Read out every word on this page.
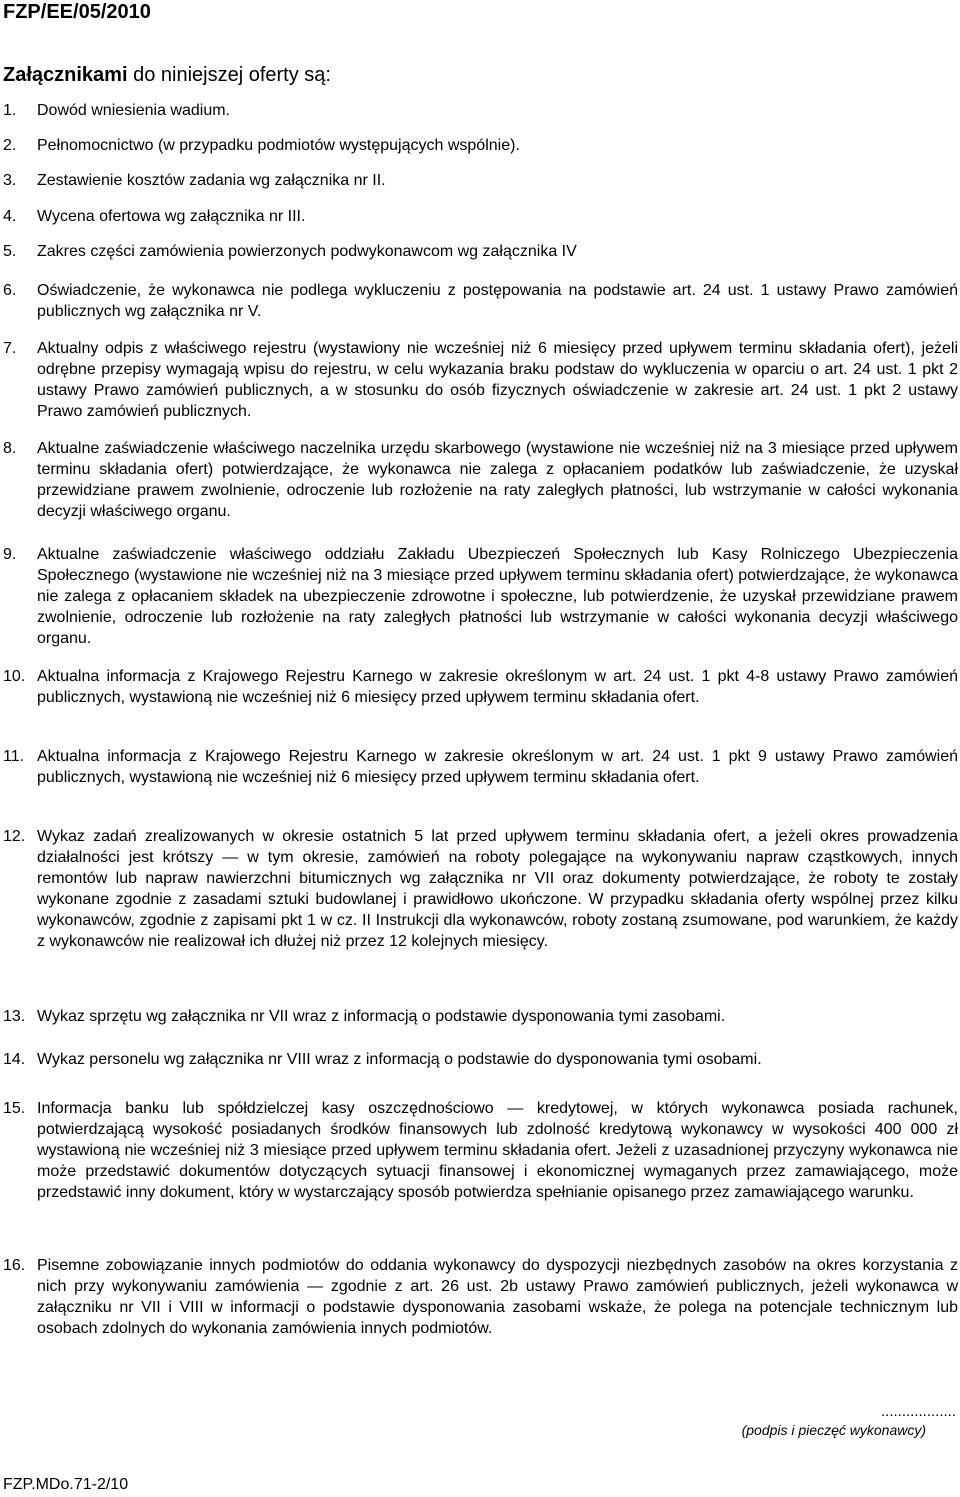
FZP/EE/05/2010
Załącznikami do niniejszej oferty są:
1. Dowód wniesienia wadium.
2. Pełnomocnictwo (w przypadku podmiotów występujących wspólnie).
3. Zestawienie kosztów zadania wg załącznika nr II.
4. Wycena ofertowa wg załącznika nr III.
5. Zakres części zamówienia powierzonych podwykonawcom wg załącznika IV
6. Oświadczenie, że wykonawca nie podlega wykluczeniu z postępowania na podstawie art. 24 ust. 1 ustawy Prawo zamówień publicznych wg załącznika nr V.
7. Aktualny odpis z właściwego rejestru (wystawiony nie wcześniej niż 6 miesięcy przed upływem terminu składania ofert), jeżeli odrębne przepisy wymagają wpisu do rejestru, w celu wykazania braku podstaw do wykluczenia w oparciu o art. 24 ust. 1 pkt 2 ustawy Prawo zamówień publicznych, a w stosunku do osób fizycznych oświadczenie w zakresie art. 24 ust. 1 pkt 2 ustawy Prawo zamówień publicznych.
8. Aktualne zaświadczenie właściwego naczelnika urzędu skarbowego (wystawione nie wcześniej niż na 3 miesiące przed upływem terminu składania ofert) potwierdzające, że wykonawca nie zalega z opłacaniem podatków lub zaświadczenie, że uzyskał przewidziane prawem zwolnienie, odroczenie lub rozłożenie na raty zaległych płatności, lub wstrzymanie w całości wykonania decyzji właściwego organu.
9. Aktualne zaświadczenie właściwego oddziału Zakładu Ubezpieczeń Społecznych lub Kasy Rolniczego Ubezpieczenia Społecznego (wystawione nie wcześniej niż na 3 miesiące przed upływem terminu składania ofert) potwierdzające, że wykonawca nie zalega z opłacaniem składek na ubezpieczenie zdrowotne i społeczne, lub potwierdzenie, że uzyskał przewidziane prawem zwolnienie, odroczenie lub rozłożenie na raty zaległych płatności lub wstrzymanie w całości wykonania decyzji właściwego organu.
10. Aktualna informacja z Krajowego Rejestru Karnego w zakresie określonym w art. 24 ust. 1 pkt 4-8 ustawy Prawo zamówień publicznych, wystawioną nie wcześniej niż 6 miesięcy przed upływem terminu składania ofert.
11. Aktualna informacja z Krajowego Rejestru Karnego w zakresie określonym w art. 24 ust. 1 pkt 9 ustawy Prawo zamówień publicznych, wystawioną nie wcześniej niż 6 miesięcy przed upływem terminu składania ofert.
12. Wykaz zadań zrealizowanych w okresie ostatnich 5 lat przed upływem terminu składania ofert, a jeżeli okres prowadzenia działalności jest krótszy — w tym okresie, zamówień na roboty polegające na wykonywaniu napraw cząstkowych, innych remontów lub napraw nawierzchni bitumicznych wg załącznika nr VII oraz dokumenty potwierdzające, że roboty te zostały wykonane zgodnie z zasadami sztuki budowlanej i prawidłowo ukończone. W przypadku składania oferty wspólnej przez kilku wykonawców, zgodnie z zapisami pkt 1 w cz. II Instrukcji dla wykonawców, roboty zostaną zsumowane, pod warunkiem, że każdy z wykonawców nie realizował ich dłużej niż przez 12 kolejnych miesięcy.
13. Wykaz sprzętu wg załącznika nr VII wraz z informacją o podstawie dysponowania tymi zasobami.
14. Wykaz personelu wg załącznika nr VIII wraz z informacją o podstawie do dysponowania tymi osobami.
15. Informacja banku lub spółdzielczej kasy oszczędnościowo — kredytowej, w których wykonawca posiada rachunek, potwierdzającą wysokość posiadanych środków finansowych lub zdolność kredytową wykonawcy w wysokości 400 000 zł wystawioną nie wcześniej niż 3 miesiące przed upływem terminu składania ofert. Jeżeli z uzasadnionej przyczyny wykonawca nie może przedstawić dokumentów dotyczących sytuacji finansowej i ekonomicznej wymaganych przez zamawiającego, może przedstawić inny dokument, który w wystarczający sposób potwierdza spełnianie opisanego przez zamawiającego warunku.
16. Pisemne zobowiązanie innych podmiotów do oddania wykonawcy do dyspozycji niezbędnych zasobów na okres korzystania z nich przy wykonywaniu zamówienia — zgodnie z art. 26 ust. 2b ustawy Prawo zamówień publicznych, jeżeli wykonawca w załączniku nr VII i VIII w informacji o podstawie dysponowania zasobami wskaże, że polega na potencjale technicznym lub osobach zdolnych do wykonania zamówienia innych podmiotów.
..................
(podpis i pieczęć wykonawcy)
FZP.MDo.71-2/10
